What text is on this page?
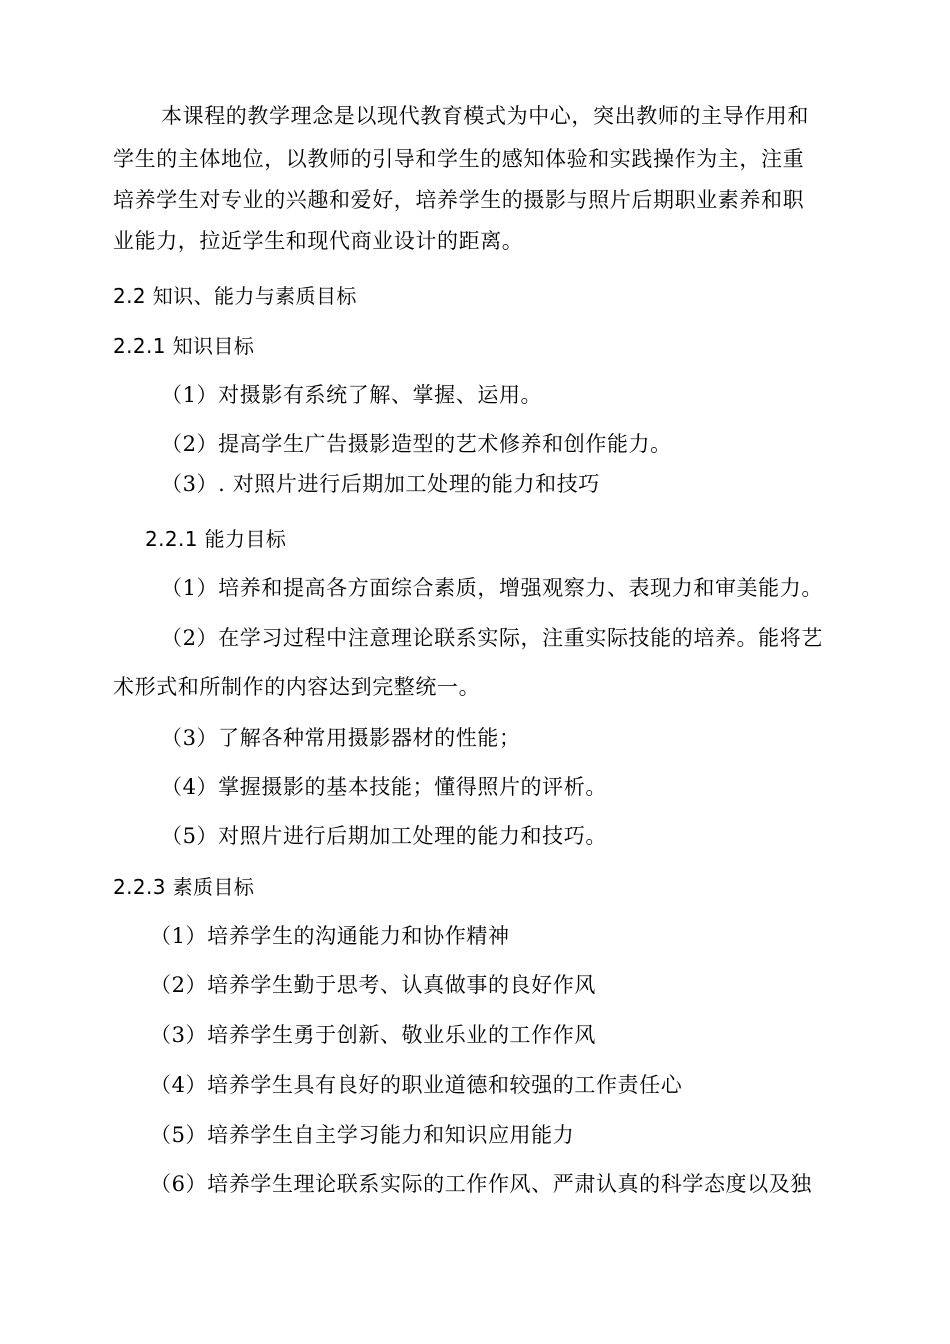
本课程的教学理念是以现代教育模式为中心，突出教师的主导作用和
学生的主体地位，以教师的引导和学生的感知体验和实践操作为主，注重
培养学生对专业的兴趣和爱好，培养学生的摄影与照片后期职业素养和职
业能力，拉近学生和现代商业设计的距离。
2.2 知识、能力与素质目标
2.2.1 知识目标
（1）对摄影有系统了解、掌握、运用。
（2）提高学生广告摄影造型的艺术修养和创作能力。
（3）. 对照片进行后期加工处理的能力和技巧
2.2.1 能力目标
（1）培养和提高各方面综合素质，增强观察力、表现力和审美能力。
（2）在学习过程中注意理论联系实际，注重实际技能的培养。能将艺
术形式和所制作的内容达到完整统一。
（3）了解各种常用摄影器材的性能；
（4）掌握摄影的基本技能；懂得照片的评析。
（5）对照片进行后期加工处理的能力和技巧。
2.2.3 素质目标
（1）培养学生的沟通能力和协作精神
（2）培养学生勤于思考、认真做事的良好作风
（3）培养学生勇于创新、敬业乐业的工作作风
（4）培养学生具有良好的职业道德和较强的工作责任心
（5）培养学生自主学习能力和知识应用能力
（6）培养学生理论联系实际的工作作风、严肃认真的科学态度以及独
